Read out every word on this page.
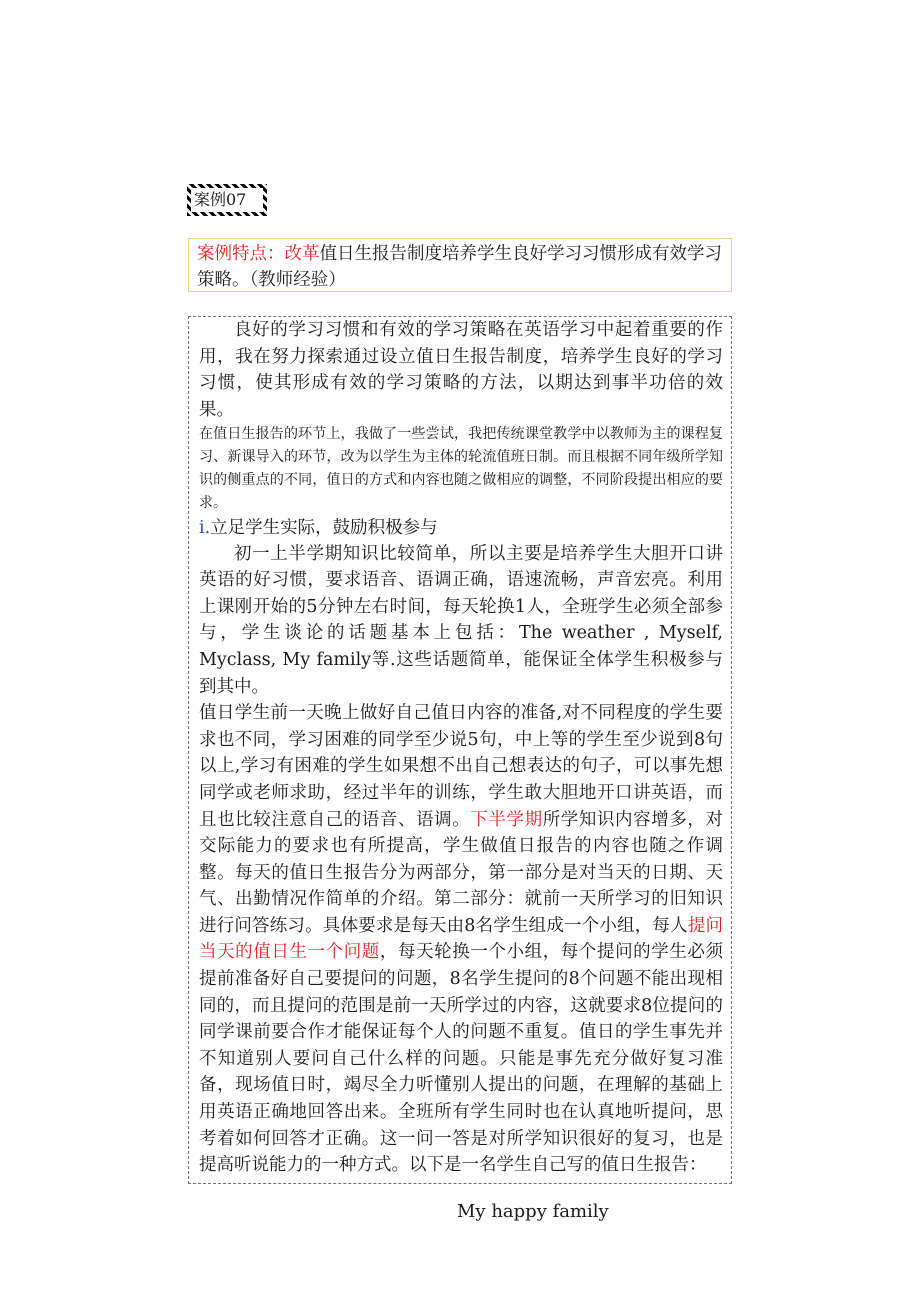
案例07
案例特点：改革值日生报告制度培养学生良好学习习惯形成有效学习策略。（教师经验）

良好的学习习惯和有效的学习策略在英语学习中起着重要的作用，我在努力探索通过设立值日生报告制度，培养学生良好的学习习惯，使其形成有效的学习策略的方法，以期达到事半功倍的效果。

在值日生报告的环节上，我做了一些尝试，我把传统课堂教学中以教师为主的课程复习、新课导入的环节，改为以学生为主体的轮流值班日制。而且根据不同年级所学知识的侧重点的不同，值日的方式和内容也随之做相应的调整，不同阶段提出相应的要求。

i.立足学生实际，鼓励积极参与

初一上半学期知识比较简单，所以主要是培养学生大胆开口讲英语的好习惯，要求语音、语调正确，语速流畅，声音宏亮。利用上课刚开始的5分钟左右时间，每天轮换1人，全班学生必须全部参与，学生谈论的话题基本上包括：The weather , Myself, Myclass, My family等.这些话题简单，能保证全体学生积极参与到其中。

值日学生前一天晚上做好自己值日内容的准备,对不同程度的学生要求也不同，学习困难的同学至少说5句，中上等的学生至少说到8句以上,学习有困难的学生如果想不出自己想表达的句子，可以事先想同学或老师求助，经过半年的训练，学生敢大胆地开口讲英语，而且也比较注意自己的语音、语调。下半学期所学知识内容增多，对交际能力的要求也有所提高，学生做值日报告的内容也随之作调整。每天的值日生报告分为两部分，第一部分是对当天的日期、天气、出勤情况作简单的介绍。第二部分：就前一天所学习的旧知识进行问答练习。具体要求是每天由8名学生组成一个小组，每人提问当天的值日生一个问题，每天轮换一个小组，每个提问的学生必须提前准备好自己要提问的问题，8名学生提问的8个问题不能出现相同的，而且提问的范围是前一天所学过的内容，这就要求8位提问的同学课前要合作才能保证每个人的问题不重复。值日的学生事先并不知道别人要问自己什么样的问题。只能是事先充分做好复习准备，现场值日时，竭尽全力听懂别人提出的问题，在理解的基础上用英语正确地回答出来。全班所有学生同时也在认真地听提问，思考着如何回答才正确。这一问一答是对所学知识很好的复习，也是提高听说能力的一种方式。以下是一名学生自己写的值日生报告：

My happy family
